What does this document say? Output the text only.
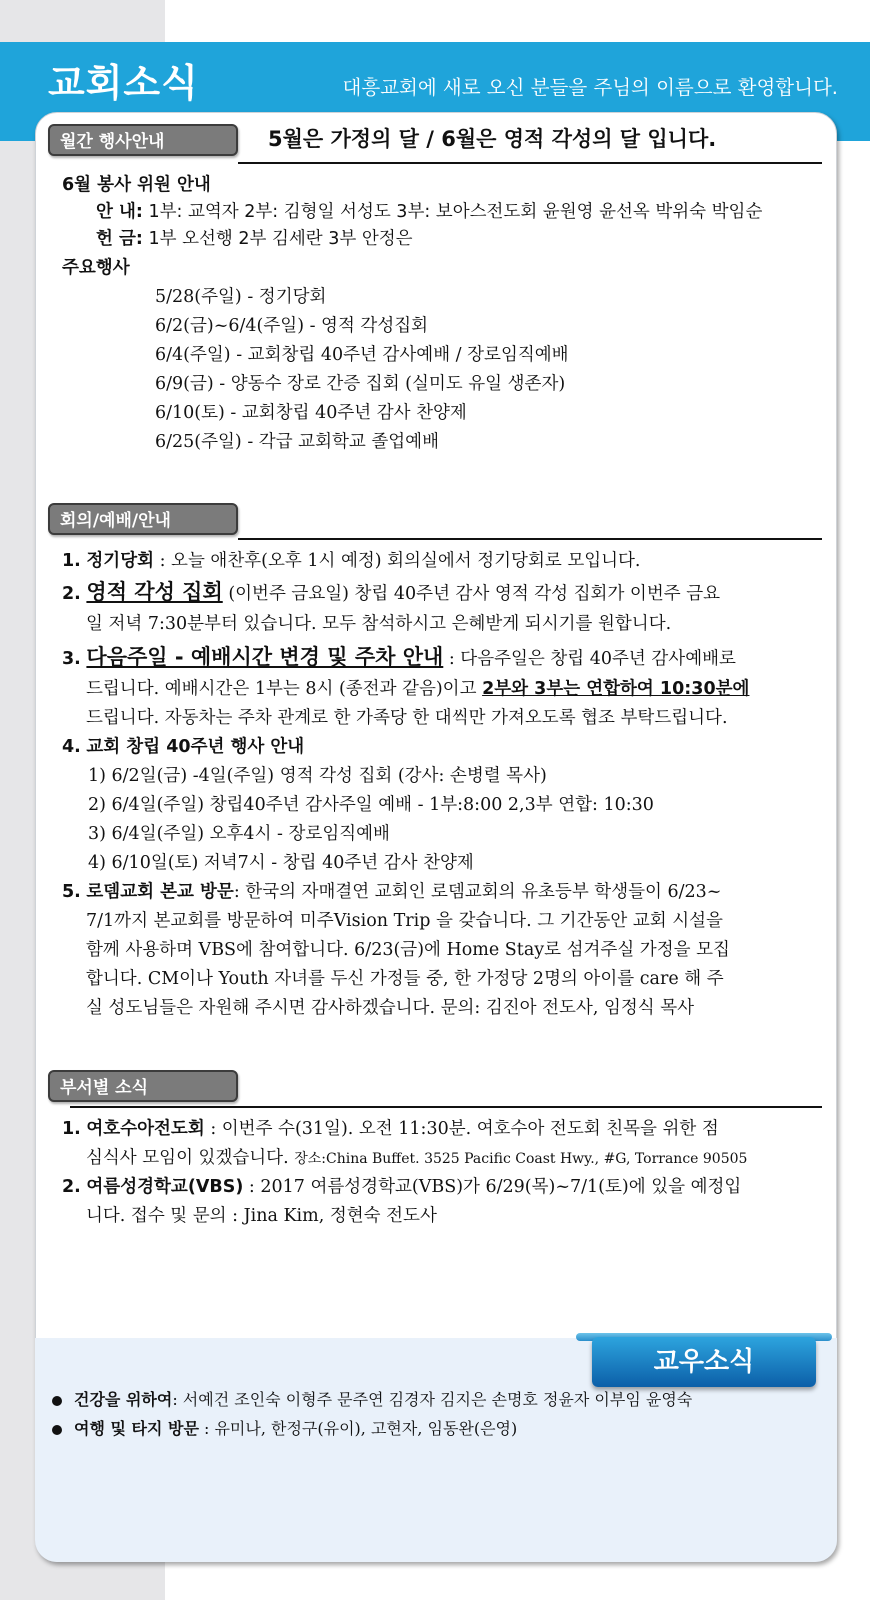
교회소식	대흥교회에 새로 오신 분들을 주님의 이름으로 환영합니다.
월간 행사안내	5월은 가정의 달 / 6월은 영적 각성의 달 입니다.
6월 봉사 위원 안내
안 내: 1부: 교역자 2부: 김형일 서성도 3부: 보아스전도회 윤원영 윤선옥 박위숙 박임순
헌 금: 1부 오선행 2부 김세란 3부 안정은
주요행사
5/28(주일) - 정기당회
6/2(금)~6/4(주일) - 영적 각성집회
6/4(주일) - 교회창립 40주년 감사예배 / 장로임직예배
6/9(금) - 양동수 장로 간증 집회 (실미도 유일 생존자)
6/10(토) - 교회창립 40주년 감사 찬양제
6/25(주일) - 각급 교회학교 졸업예배
회의/예배/안내
1. 정기당회 : 오늘 애찬후(오후 1시 예정) 회의실에서 정기당회로 모입니다.
2. 영적 각성 집회 (이번주 금요일) 창립 40주년 감사 영적 각성 집회가 이번주 금요
일 저녁 7:30분부터 있습니다. 모두 참석하시고 은혜받게 되시기를 원합니다.
3. 다음주일 - 예배시간 변경 및 주차 안내 : 다음주일은 창립 40주년 감사예배로
드립니다. 예배시간은 1부는 8시 (종전과 같음)이고 2부와 3부는 연합하여 10:30분에
드립니다. 자동차는 주차 관계로 한 가족당 한 대씩만 가져오도록 협조 부탁드립니다.
4. 교회 창립 40주년 행사 안내
1) 6/2일(금) -4일(주일) 영적 각성 집회 (강사: 손병렬 목사)
2) 6/4일(주일) 창립40주년 감사주일 예배 - 1부:8:00 2,3부 연합: 10:30
3) 6/4일(주일) 오후4시 - 장로임직예배
4) 6/10일(토) 저녁7시 - 창립 40주년 감사 찬양제
5. 로뎀교회 본교 방문: 한국의 자매결연 교회인 로뎀교회의 유초등부 학생들이 6/23~
7/1까지 본교회를 방문하여 미주Vision Trip 을 갖습니다. 그 기간동안 교회 시설을
함께 사용하며 VBS에 참여합니다. 6/23(금)에 Home Stay로 섬겨주실 가정을 모집
합니다. CM이나 Youth 자녀를 두신 가정들 중, 한 가정당 2명의 아이를 care 해 주
실 성도님들은 자원해 주시면 감사하겠습니다. 문의: 김진아 전도사, 임정식 목사
부서별 소식
1. 여호수아전도회 : 이번주 수(31일). 오전 11:30분. 여호수아 전도회 친목을 위한 점
심식사 모임이 있겠습니다. 장소:China Buffet. 3525 Pacific Coast Hwy., #G, Torrance 90505
2. 여름성경학교(VBS) : 2017 여름성경학교(VBS)가 6/29(목)~7/1(토)에 있을 예정입
니다. 접수 및 문의 : Jina Kim, 정현숙 전도사
교우소식
건강을 위하여: 서예건 조인숙 이형주 문주연 김경자 김지은 손명호 정윤자 이부임 윤영숙
여행 및 타지 방문 : 유미나, 한정구(유이), 고현자, 임동완(은영)
